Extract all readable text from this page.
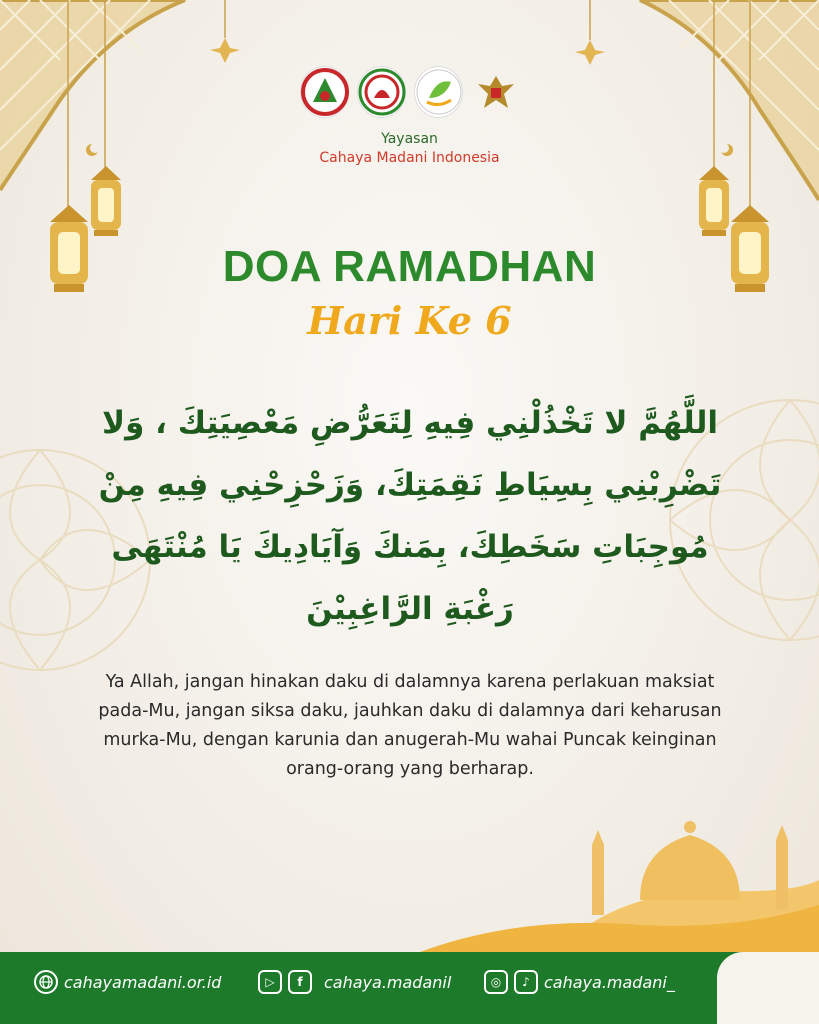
Yayasan
Cahaya Madani Indonesia
DOA RAMADHAN
Hari Ke 6
اللَّهُمَّ لا تَخْذُلْنِي فِيهِ لِتَعَرُّضِ مَعْصِيَتِكَ ، وَلا تَضْرِبْنِي بِسِيَاطِ نَقِمَتِكَ، وَزَحْزِحْنِي فِيهِ مِنْ مُوجِبَاتِ سَخَطِكَ، بِمَنكَ وَآيَادِيكَ يَا مُنْتَهَى رَغْبَةِ الرَّاغِبِيْنَ
Ya Allah, jangan hinakan daku di dalamnya karena perlakuan maksiat pada-Mu, jangan siksa daku, jauhkan daku di dalamnya dari keharusan murka-Mu, dengan karunia dan anugerah-Mu wahai Puncak keinginan orang-orang yang berharap.
cahayamadani.or.id	▷	f	cahaya.madanil	◎	♪ cahaya.madani_
